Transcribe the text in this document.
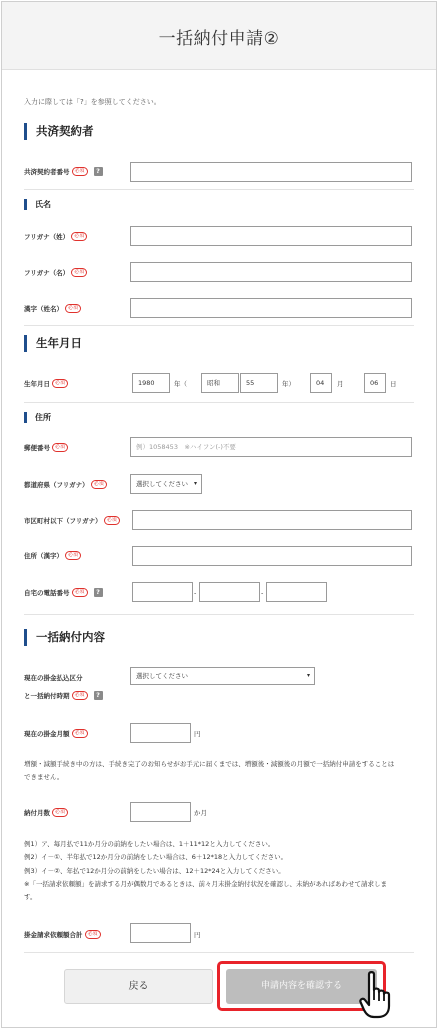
一括納付申請②
入力に際しては「?」を参照してください。
共済契約者
共済契約者番号	必須	?
氏名
フリガナ（姓）	必須
フリガナ（名）	必須
漢字（姓名）	必須
生年月日
生年月日	必須	1980	年（	昭和	55	年）	04	月	06	日
住所
郵便番号	必須	例）1058453　※ハイフン(-)不要
都道府県（フリガナ）	必須	選択してください ▾
市区町村以下（フリガナ）	必須
住所（漢字）	必須
自宅の電話番号	必須	?	-	-
一括納付内容
現在の掛金払込区分
と一括納付時期	必須	?
選択してください	▾
現在の掛金月額	必須	円
増額・減額手続き中の方は、手続き完了のお知らせがお手元に届くまでは、増額後・減額後の月額で一括納付申請をすることは
できません。
納付月数	必須	か月
例1）ア、毎月払で11か月分の前納をしたい場合は、1＋11*12と入力してください。
例2）イ－①、半年払で12か月分の前納をしたい場合は、6＋12*18と入力してください。
例3）イ－②、年払で12か月分の前納をしたい場合は、12＋12*24と入力してください。
※「一括請求依頼額」を請求する月が偶数月であるときは、前々月末掛金納付状況を確認し、未納があればあわせて請求しま
す。
掛金請求依頼額合計	必須	円
戻る	申請内容を確認する
